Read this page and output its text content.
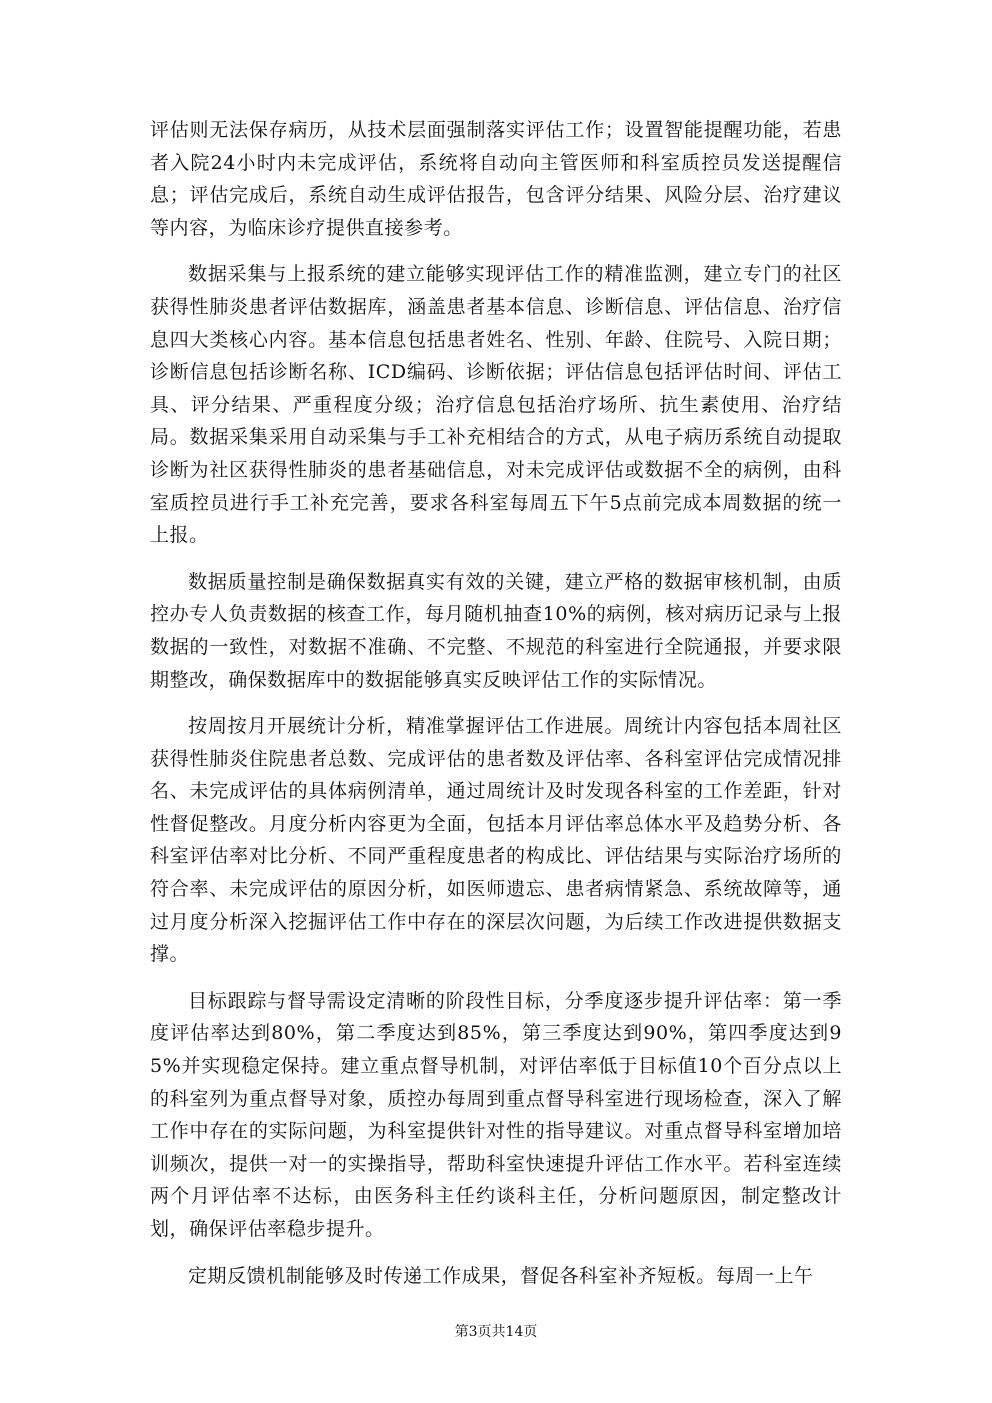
评估则无法保存病历，从技术层面强制落实评估工作；设置智能提醒功能，若患者入院24小时内未完成评估，系统将自动向主管医师和科室质控员发送提醒信息；评估完成后，系统自动生成评估报告，包含评分结果、风险分层、治疗建议等内容，为临床诊疗提供直接参考。

数据采集与上报系统的建立能够实现评估工作的精准监测，建立专门的社区获得性肺炎患者评估数据库，涵盖患者基本信息、诊断信息、评估信息、治疗信息四大类核心内容。基本信息包括患者姓名、性别、年龄、住院号、入院日期；诊断信息包括诊断名称、ICD编码、诊断依据；评估信息包括评估时间、评估工具、评分结果、严重程度分级；治疗信息包括治疗场所、抗生素使用、治疗结局。数据采集采用自动采集与手工补充相结合的方式，从电子病历系统自动提取诊断为社区获得性肺炎的患者基础信息，对未完成评估或数据不全的病例，由科室质控员进行手工补充完善，要求各科室每周五下午5点前完成本周数据的统一上报。

数据质量控制是确保数据真实有效的关键，建立严格的数据审核机制，由质控办专人负责数据的核查工作，每月随机抽查10%的病例，核对病历记录与上报数据的一致性，对数据不准确、不完整、不规范的科室进行全院通报，并要求限期整改，确保数据库中的数据能够真实反映评估工作的实际情况。

按周按月开展统计分析，精准掌握评估工作进展。周统计内容包括本周社区获得性肺炎住院患者总数、完成评估的患者数及评估率、各科室评估完成情况排名、未完成评估的具体病例清单，通过周统计及时发现各科室的工作差距，针对性督促整改。月度分析内容更为全面，包括本月评估率总体水平及趋势分析、各科室评估率对比分析、不同严重程度患者的构成比、评估结果与实际治疗场所的符合率、未完成评估的原因分析，如医师遗忘、患者病情紧急、系统故障等，通过月度分析深入挖掘评估工作中存在的深层次问题，为后续工作改进提供数据支撑。

目标跟踪与督导需设定清晰的阶段性目标，分季度逐步提升评估率：第一季度评估率达到80%，第二季度达到85%，第三季度达到90%，第四季度达到95%并实现稳定保持。建立重点督导机制，对评估率低于目标值10个百分点以上的科室列为重点督导对象，质控办每周到重点督导科室进行现场检查，深入了解工作中存在的实际问题，为科室提供针对性的指导建议。对重点督导科室增加培训频次，提供一对一的实操指导，帮助科室快速提升评估工作水平。若科室连续两个月评估率不达标，由医务科主任约谈科主任，分析问题原因，制定整改计划，确保评估率稳步提升。

定期反馈机制能够及时传递工作成果，督促各科室补齐短板。每周一上午

第3页共14页
